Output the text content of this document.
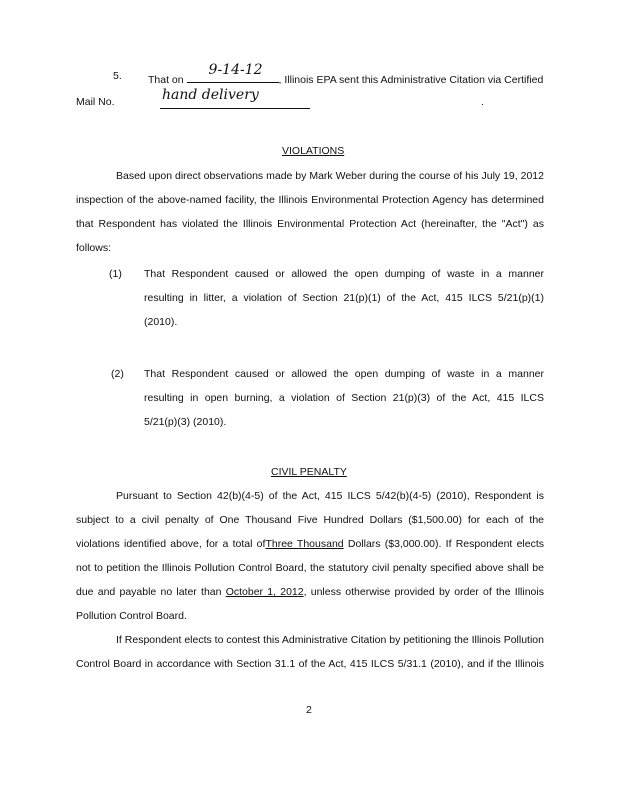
5. That on
9-14-12
, Illinois EPA sent this Administrative Citation via Certified
Mail No.	hand delivery	.
VIOLATIONS
Based upon direct observations made by Mark Weber during the course of his July 19, 2012
inspection of the above-named facility, the Illinois Environmental Protection Agency has determined
that Respondent has violated the Illinois Environmental Protection Act (hereinafter, the "Act") as
follows:
(1) That Respondent caused or allowed the open dumping of waste in a manner
resulting in litter, a violation of Section 21(p)(1) of the Act, 415 ILCS 5/21(p)(1)
(2010).
(2) That Respondent caused or allowed the open dumping of waste in a manner
resulting in open burning, a violation of Section 21(p)(3) of the Act, 415 ILCS
5/21(p)(3) (2010).
CIVIL PENALTY
Pursuant to Section 42(b)(4-5) of the Act, 415 ILCS 5/42(b)(4-5) (2010), Respondent is
subject to a civil penalty of One Thousand Five Hundred Dollars ($1,500.00) for each of the
violations identified above, for a total ofThree Thousand Dollars ($3,000.00). If Respondent elects
not to petition the Illinois Pollution Control Board, the statutory civil penalty specified above shall be
due and payable no later than October 1, 2012, unless otherwise provided by order of the Illinois
Pollution Control Board.
If Respondent elects to contest this Administrative Citation by petitioning the Illinois Pollution
Control Board in accordance with Section 31.1 of the Act, 415 ILCS 5/31.1 (2010), and if the Illinois
2
